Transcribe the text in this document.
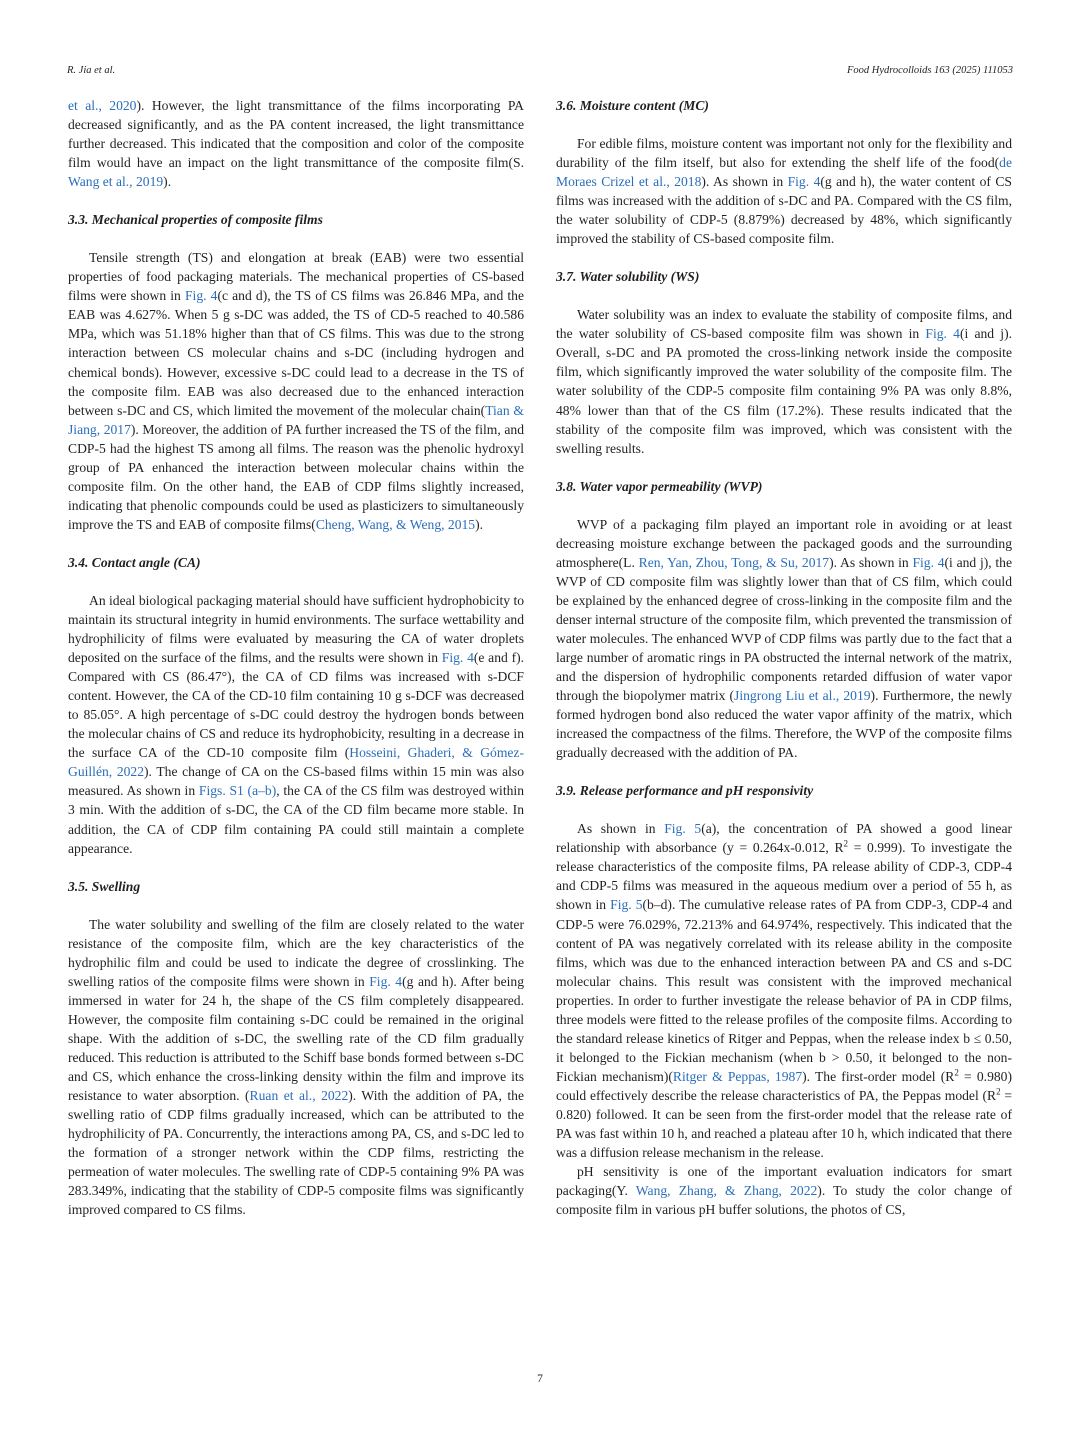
R. Jia et al.	Food Hydrocolloids 163 (2025) 111053

et al., 2020). However, the light transmittance of the films incorporating PA decreased significantly, and as the PA content increased, the light transmittance further decreased. This indicated that the composition and color of the composite film would have an impact on the light transmittance of the composite film(S. Wang et al., 2019).

3.3. Mechanical properties of composite films

Tensile strength (TS) and elongation at break (EAB) were two essential properties of food packaging materials. The mechanical properties of CS-based films were shown in Fig. 4(c and d), the TS of CS films was 26.846 MPa, and the EAB was 4.627%. When 5 g s-DC was added, the TS of CD-5 reached to 40.586 MPa, which was 51.18% higher than that of CS films. This was due to the strong interaction between CS molecular chains and s-DC (including hydrogen and chemical bonds). However, excessive s-DC could lead to a decrease in the TS of the composite film. EAB was also decreased due to the enhanced interaction between s-DC and CS, which limited the movement of the molecular chain(Tian & Jiang, 2017). Moreover, the addition of PA further increased the TS of the film, and CDP-5 had the highest TS among all films. The reason was the phenolic hydroxyl group of PA enhanced the interaction between molecular chains within the composite film. On the other hand, the EAB of CDP films slightly increased, indicating that phenolic compounds could be used as plasticizers to simultaneously improve the TS and EAB of composite films(Cheng, Wang, & Weng, 2015).

3.4. Contact angle (CA)

An ideal biological packaging material should have sufficient hydrophobicity to maintain its structural integrity in humid environments. The surface wettability and hydrophilicity of films were evaluated by measuring the CA of water droplets deposited on the surface of the films, and the results were shown in Fig. 4(e and f). Compared with CS (86.47°), the CA of CD films was increased with s-DCF content. However, the CA of the CD-10 film containing 10 g s-DCF was decreased to 85.05°. A high percentage of s-DC could destroy the hydrogen bonds between the molecular chains of CS and reduce its hydrophobicity, resulting in a decrease in the surface CA of the CD-10 composite film (Hosseini, Ghaderi, & Gómez-Guillén, 2022). The change of CA on the CS-based films within 15 min was also measured. As shown in Figs. S1 (a–b), the CA of the CS film was destroyed within 3 min. With the addition of s-DC, the CA of the CD film became more stable. In addition, the CA of CDP film containing PA could still maintain a complete appearance.

3.5. Swelling

The water solubility and swelling of the film are closely related to the water resistance of the composite film, which are the key characteristics of the hydrophilic film and could be used to indicate the degree of crosslinking. The swelling ratios of the composite films were shown in Fig. 4(g and h). After being immersed in water for 24 h, the shape of the CS film completely disappeared. However, the composite film containing s-DC could be remained in the original shape. With the addition of s-DC, the swelling rate of the CD film gradually reduced. This reduction is attributed to the Schiff base bonds formed between s-DC and CS, which enhance the cross-linking density within the film and improve its resistance to water absorption. (Ruan et al., 2022). With the addition of PA, the swelling ratio of CDP films gradually increased, which can be attributed to the hydrophilicity of PA. Concurrently, the interactions among PA, CS, and s-DC led to the formation of a stronger network within the CDP films, restricting the permeation of water molecules. The swelling rate of CDP-5 containing 9% PA was 283.349%, indicating that the stability of CDP-5 composite films was significantly improved compared to CS films.

3.6. Moisture content (MC)

For edible films, moisture content was important not only for the flexibility and durability of the film itself, but also for extending the shelf life of the food(de Moraes Crizel et al., 2018). As shown in Fig. 4(g and h), the water content of CS films was increased with the addition of s-DC and PA. Compared with the CS film, the water solubility of CDP-5 (8.879%) decreased by 48%, which significantly improved the stability of CS-based composite film.

3.7. Water solubility (WS)

Water solubility was an index to evaluate the stability of composite films, and the water solubility of CS-based composite film was shown in Fig. 4(i and j). Overall, s-DC and PA promoted the cross-linking network inside the composite film, which significantly improved the water solubility of the composite film. The water solubility of the CDP-5 composite film containing 9% PA was only 8.8%, 48% lower than that of the CS film (17.2%). These results indicated that the stability of the composite film was improved, which was consistent with the swelling results.

3.8. Water vapor permeability (WVP)

WVP of a packaging film played an important role in avoiding or at least decreasing moisture exchange between the packaged goods and the surrounding atmosphere(L. Ren, Yan, Zhou, Tong, & Su, 2017). As shown in Fig. 4(i and j), the WVP of CD composite film was slightly lower than that of CS film, which could be explained by the enhanced degree of cross-linking in the composite film and the denser internal structure of the composite film, which prevented the transmission of water molecules. The enhanced WVP of CDP films was partly due to the fact that a large number of aromatic rings in PA obstructed the internal network of the matrix, and the dispersion of hydrophilic components retarded diffusion of water vapor through the biopolymer matrix (Jingrong Liu et al., 2019). Furthermore, the newly formed hydrogen bond also reduced the water vapor affinity of the matrix, which increased the compactness of the films. Therefore, the WVP of the composite films gradually decreased with the addition of PA.

3.9. Release performance and pH responsivity

As shown in Fig. 5(a), the concentration of PA showed a good linear relationship with absorbance (y = 0.264x-0.012, $R^2 = 0.999$). To investigate the release characteristics of the composite films, PA release ability of CDP-3, CDP-4 and CDP-5 films was measured in the aqueous medium over a period of 55 h, as shown in Fig. 5(b–d). The cumulative release rates of PA from CDP-3, CDP-4 and CDP-5 were 76.029%, 72.213% and 64.974%, respectively. This indicated that the content of PA was negatively correlated with its release ability in the composite films, which was due to the enhanced interaction between PA and CS and s-DC molecular chains. This result was consistent with the improved mechanical properties. In order to further investigate the release behavior of PA in CDP films, three models were fitted to the release profiles of the composite films. According to the standard release kinetics of Ritger and Peppas, when the release index b ≤ 0.50, it belonged to the Fickian mechanism (when b > 0.50, it belonged to the non-Fickian mechanism)(Ritger & Peppas, 1987). The first-order model $(R^2 = 0.980)$ could effectively describe the release characteristics of PA, the Peppas model $(R^2 = 0.820)$ followed. It can be seen from the first-order model that the release rate of PA was fast within 10 h, and reached a plateau after 10 h, which indicated that there was a diffusion release mechanism in the release.

pH sensitivity is one of the important evaluation indicators for smart packaging(Y. Wang, Zhang, & Zhang, 2022). To study the color change of composite film in various pH buffer solutions, the photos of CS,

7
